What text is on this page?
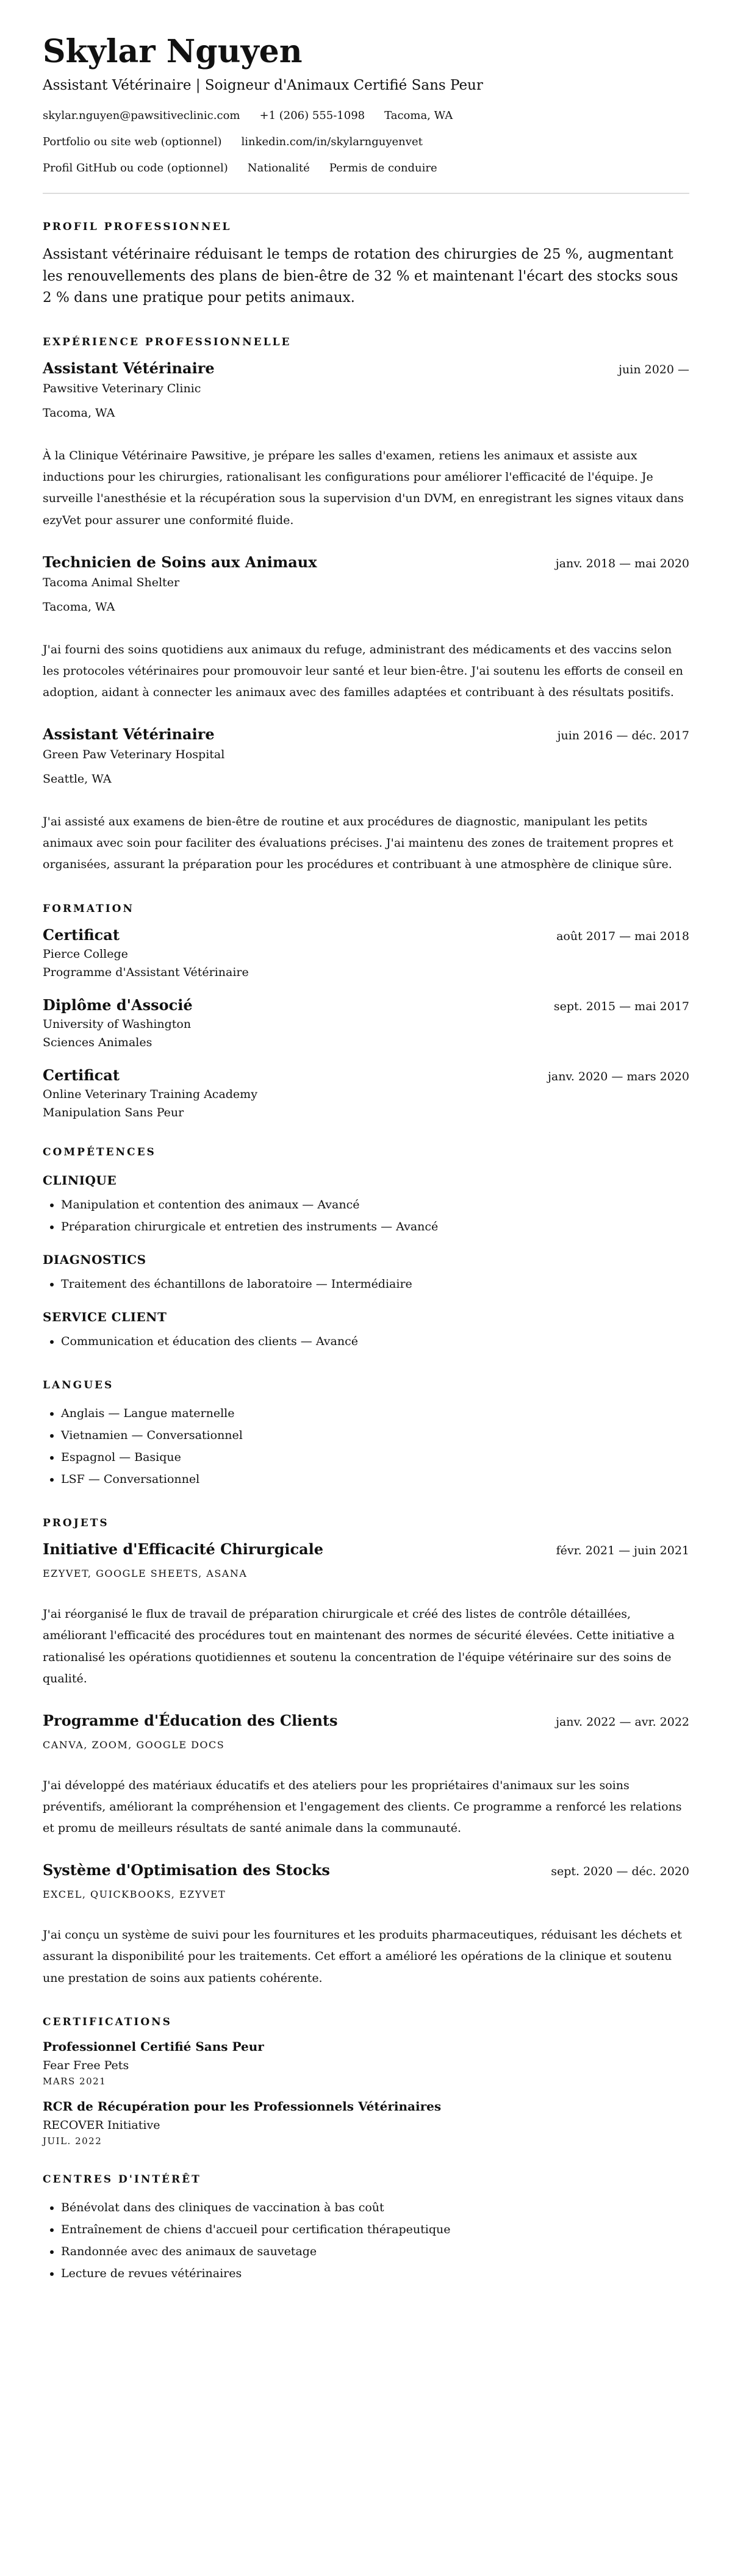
Skylar Nguyen
Assistant Vétérinaire | Soigneur d'Animaux Certifié Sans Peur
skylar.nguyen@pawsitiveclinic.com +1 (206) 555-1098 Tacoma, WA
Portfolio ou site web (optionnel) linkedin.com/in/skylarnguyenvet
Profil GitHub ou code (optionnel) Nationalité Permis de conduire
PROFIL PROFESSIONNEL

Assistant vétérinaire réduisant le temps de rotation des chirurgies de 25 %, augmentant les renouvellements des plans de bien-être de 32 % et maintenant l'écart des stocks sous 2 % dans une pratique pour petits animaux.

EXPÉRIENCE PROFESSIONNELLE
Assistant Vétérinaire	juin 2020 —
Pawsitive Veterinary Clinic
Tacoma, WA
À la Clinique Vétérinaire Pawsitive, je prépare les salles d'examen, retiens les animaux et assiste aux inductions pour les chirurgies, rationalisant les configurations pour améliorer l'efficacité de l'équipe. Je surveille l'anesthésie et la récupération sous la supervision d'un DVM, en enregistrant les signes vitaux dans ezyVet pour assurer une conformité fluide.
Technicien de Soins aux Animaux	janv. 2018 — mai 2020
Tacoma Animal Shelter
Tacoma, WA
J'ai fourni des soins quotidiens aux animaux du refuge, administrant des médicaments et des vaccins selon les protocoles vétérinaires pour promouvoir leur santé et leur bien-être. J'ai soutenu les efforts de conseil en adoption, aidant à connecter les animaux avec des familles adaptées et contribuant à des résultats positifs.
Assistant Vétérinaire	juin 2016 — déc. 2017
Green Paw Veterinary Hospital
Seattle, WA
J'ai assisté aux examens de bien-être de routine et aux procédures de diagnostic, manipulant les petits animaux avec soin pour faciliter des évaluations précises. J'ai maintenu des zones de traitement propres et organisées, assurant la préparation pour les procédures et contribuant à une atmosphère de clinique sûre.
FORMATION
Certificat	août 2017 — mai 2018
Pierce College
Programme d'Assistant Vétérinaire
Diplôme d'Associé	sept. 2015 — mai 2017
University of Washington
Sciences Animales
Certificat	janv. 2020 — mars 2020
Online Veterinary Training Academy
Manipulation Sans Peur
COMPÉTENCES
CLINIQUE
• Manipulation et contention des animaux — Avancé
• Préparation chirurgicale et entretien des instruments — Avancé
DIAGNOSTICS
• Traitement des échantillons de laboratoire — Intermédiaire
SERVICE CLIENT
• Communication et éducation des clients — Avancé
LANGUES
• Anglais — Langue maternelle
• Vietnamien — Conversationnel
• Espagnol — Basique
• LSF — Conversationnel
PROJETS
Initiative d'Efficacité Chirurgicale	févr. 2021 — juin 2021
EZYVET, GOOGLE SHEETS, ASANA
J'ai réorganisé le flux de travail de préparation chirurgicale et créé des listes de contrôle détaillées, améliorant l'efficacité des procédures tout en maintenant des normes de sécurité élevées. Cette initiative a rationalisé les opérations quotidiennes et soutenu la concentration de l'équipe vétérinaire sur des soins de qualité.
Programme d'Éducation des Clients	janv. 2022 — avr. 2022
CANVA, ZOOM, GOOGLE DOCS
J'ai développé des matériaux éducatifs et des ateliers pour les propriétaires d'animaux sur les soins préventifs, améliorant la compréhension et l'engagement des clients. Ce programme a renforcé les relations et promu de meilleurs résultats de santé animale dans la communauté.
Système d'Optimisation des Stocks	sept. 2020 — déc. 2020
EXCEL, QUICKBOOKS, EZYVET
J'ai conçu un système de suivi pour les fournitures et les produits pharmaceutiques, réduisant les déchets et assurant la disponibilité pour les traitements. Cet effort a amélioré les opérations de la clinique et soutenu une prestation de soins aux patients cohérente.
CERTIFICATIONS
Professionnel Certifié Sans Peur
Fear Free Pets
MARS 2021
RCR de Récupération pour les Professionnels Vétérinaires
RECOVER Initiative
JUIL. 2022
CENTRES D'INTÉRÊT
• Bénévolat dans des cliniques de vaccination à bas coût
• Entraînement de chiens d'accueil pour certification thérapeutique
• Randonnée avec des animaux de sauvetage
• Lecture de revues vétérinaires
